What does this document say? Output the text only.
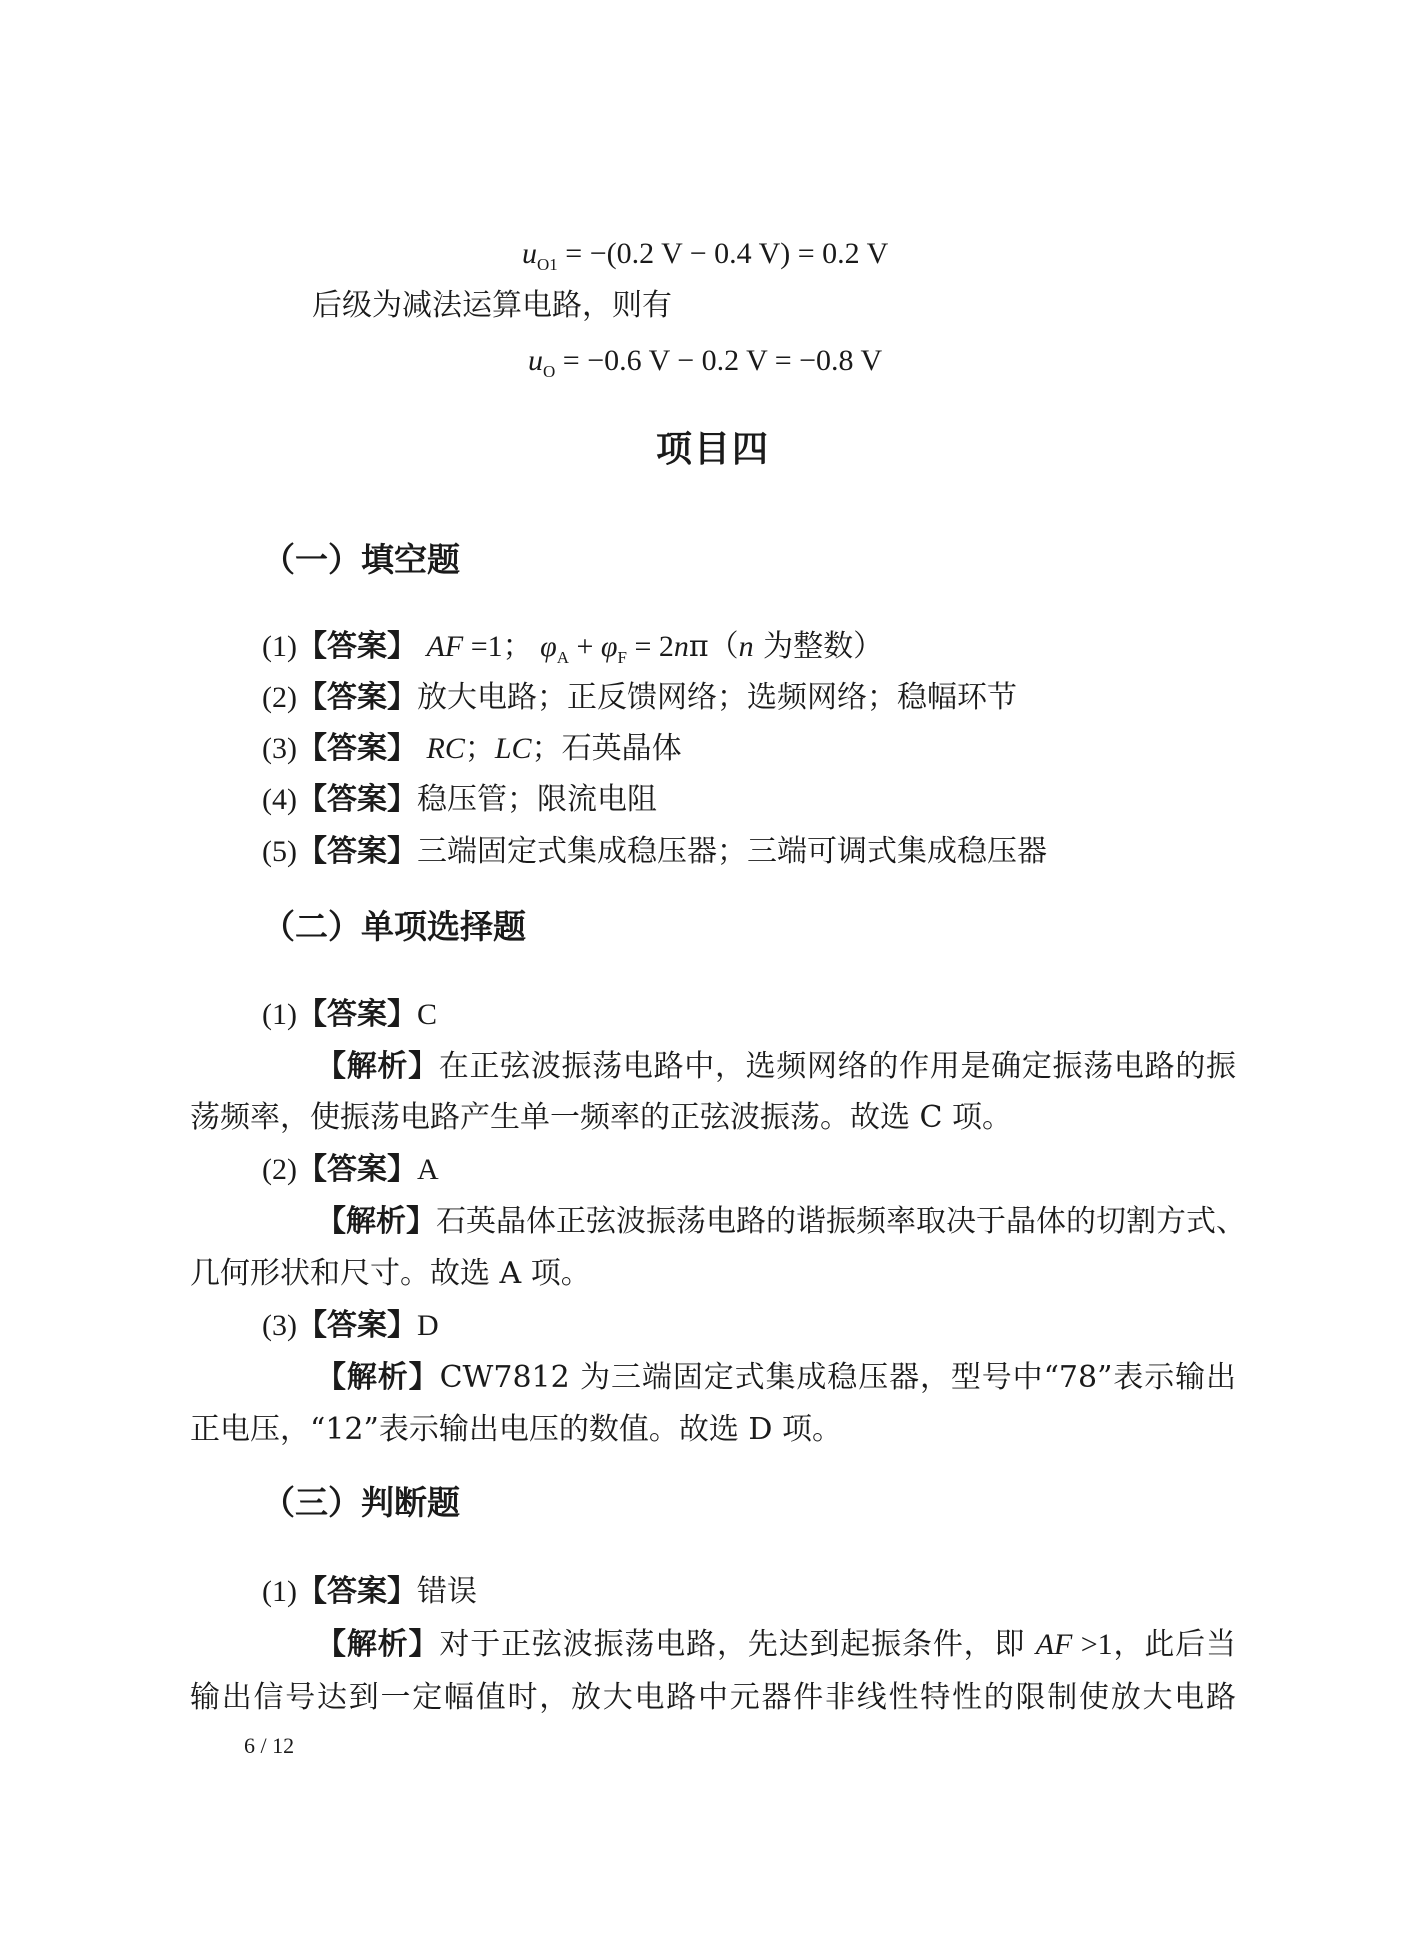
$u_{O1} = -(0.2$ V − 0.4 V) = 0.2 V
后级为减法运算电路，则有
$u_O = -0.6$ V − 0.2 V = −0.8 V
项目四
（一）填空题
(1)【答案】 AF =1； $\varphi_A + \varphi_F = 2n\pi(n$ 为整数）
(2)【答案】放大电路；正反馈网络；选频网络；稳幅环节
(3)【答案】 RC；LC；石英晶体
(4)【答案】稳压管；限流电阻
(5)【答案】三端固定式集成稳压器；三端可调式集成稳压器
（二）单项选择题
(1)【答案】C
【解析】在正弦波振荡电路中，选频网络的作用是确定振荡电路的振
荡频率，使振荡电路产生单一频率的正弦波振荡。故选 C 项。
(2)【答案】A
【解析】石英晶体正弦波振荡电路的谐振频率取决于晶体的切割方式、
几何形状和尺寸。故选 A 项。
(3)【答案】D
【解析】CW7812 为三端固定式集成稳压器，型号中“78”表示输出
正电压，“12”表示输出电压的数值。故选 D 项。
（三）判断题
(1)【答案】错误
【解析】对于正弦波振荡电路，先达到起振条件，即 AF >1，此后当
输出信号达到一定幅值时，放大电路中元器件非线性特性的限制使放大电路
6 / 12
